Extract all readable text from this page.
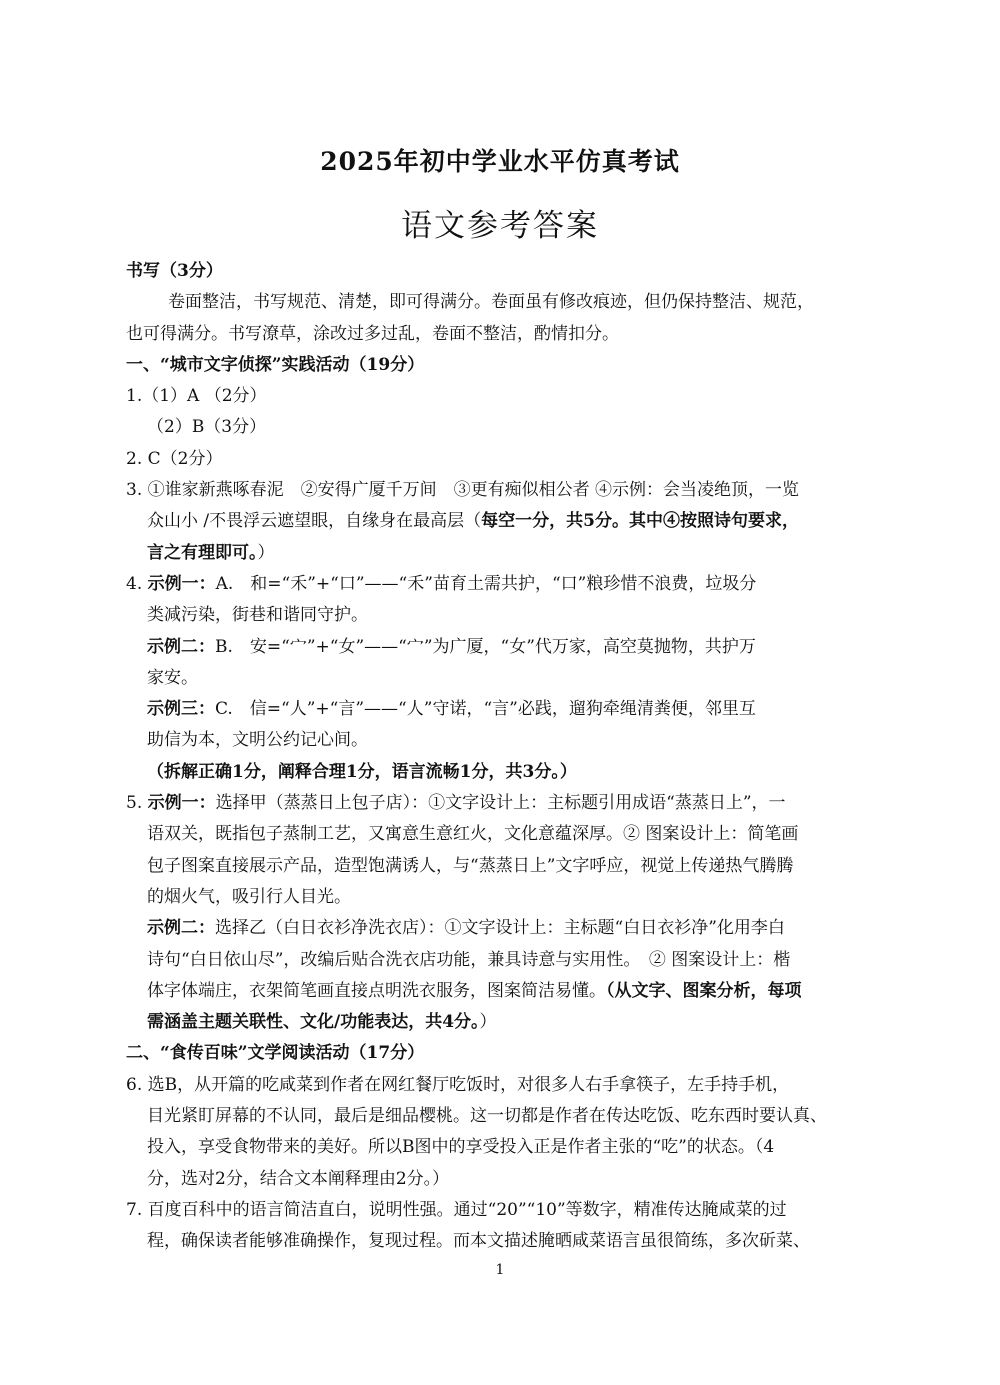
2025年初中学业水平仿真考试
语文参考答案
书写（3分）
卷面整洁，书写规范、清楚，即可得满分。卷面虽有修改痕迹，但仍保持整洁、规范，
也可得满分。书写潦草，涂改过多过乱，卷面不整洁，酌情扣分。
一、“城市文字侦探”实践活动（19分）
1.（1）A （2分）
（2）B（3分）
2. C（2分）
3. ①谁家新燕啄春泥　②安得广厦千万间　③更有痴似相公者 ④示例：会当凌绝顶，一览
众山小 /不畏浮云遮望眼，自缘身在最高层（每空一分，共5分。其中④按照诗句要求，
言之有理即可。）
4. 示例一：A.　和=“禾”+“口”——“禾”苗育土需共护，“口”粮珍惜不浪费，垃圾分
类减污染，街巷和谐同守护。
示例二：B.　安=“宀”+“女”——“宀”为广厦，“女”代万家，高空莫抛物，共护万
家安。
示例三：C.　信=“人”+“言”——“人”守诺，“言”必践，遛狗牵绳清粪便，邻里互
助信为本，文明公约记心间。
（拆解正确1分，阐释合理1分，语言流畅1分，共3分。）
5. 示例一：选择甲（蒸蒸日上包子店）：①文字设计上：主标题引用成语“蒸蒸日上”，一
语双关，既指包子蒸制工艺，又寓意生意红火，文化意蕴深厚。② 图案设计上：简笔画
包子图案直接展示产品，造型饱满诱人，与“蒸蒸日上”文字呼应，视觉上传递热气腾腾
的烟火气，吸引行人目光。
示例二：选择乙（白日衣衫净洗衣店）：①文字设计上：主标题“白日衣衫净”化用李白
诗句“白日依山尽”，改编后贴合洗衣店功能，兼具诗意与实用性。　② 图案设计上：楷
体字体端庄，衣架简笔画直接点明洗衣服务，图案简洁易懂。（从文字、图案分析，每项
需涵盖主题关联性、文化/功能表达，共4分。）
二、“食传百味”文学阅读活动（17分）
6. 选B，从开篇的吃咸菜到作者在网红餐厅吃饭时，对很多人右手拿筷子，左手持手机，
目光紧盯屏幕的不认同，最后是细品樱桃。这一切都是作者在传达吃饭、吃东西时要认真、
投入，享受食物带来的美好。所以B图中的享受投入正是作者主张的“吃”的状态。（4
分，选对2分，结合文本阐释理由2分。）
7. 百度百科中的语言简洁直白，说明性强。通过“20”“10”等数字，精准传达腌咸菜的过
程，确保读者能够准确操作，复现过程。而本文描述腌晒咸菜语言虽很简练，多次斫菜、
1
